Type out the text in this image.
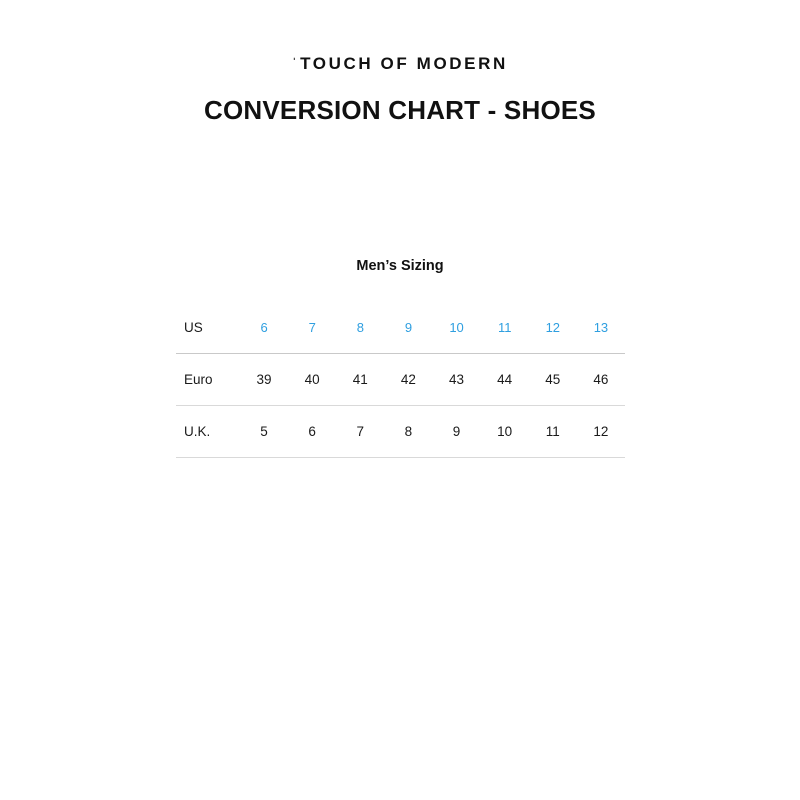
ˈTOUCH OF MODERN
CONVERSION CHART - SHOES
Men’s Sizing
US	6	7	8	9	10	11	12	13
Euro	39	40	41	42	43	44	45	46
U.K.	5	6	7	8	9	10	11	12
